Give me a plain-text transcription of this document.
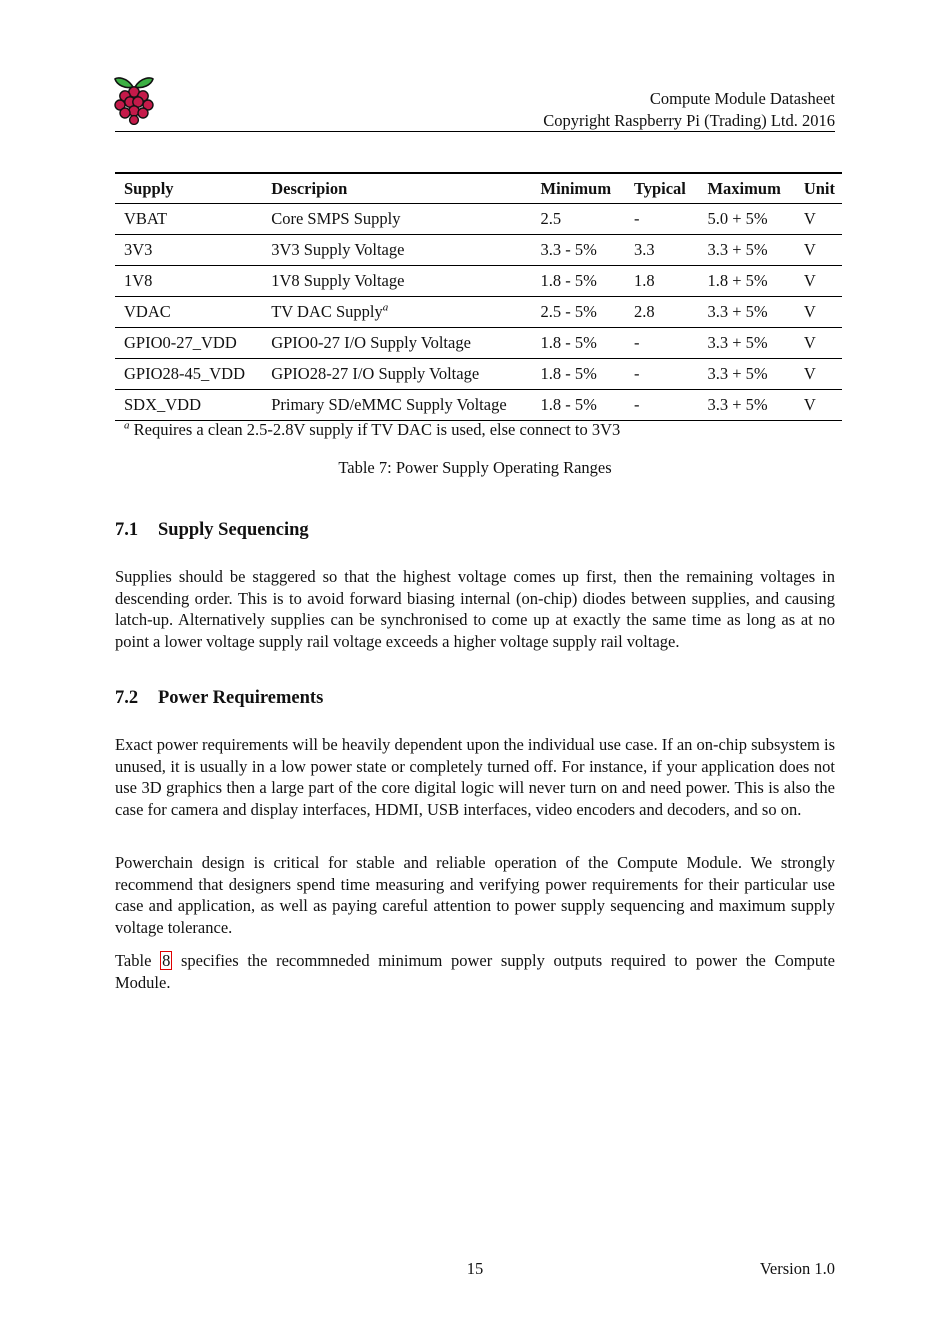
Compute Module Datasheet
Copyright Raspberry Pi (Trading) Ltd. 2016
Supply	Descripion	Minimum	Typical	Maximum	Unit
VBAT	Core SMPS Supply	2.5	-	5.0 + 5%	V
3V3	3V3 Supply Voltage	3.3 - 5%	3.3	3.3 + 5%	V
1V8	1V8 Supply Voltage	1.8 - 5%	1.8	1.8 + 5%	V
VDAC	TV DAC Supply$^a$	2.5 - 5%	2.8	3.3 + 5%	V
GPIO0-27_VDD	GPIO0-27 I/O Supply Voltage	1.8 - 5%	-	3.3 + 5%	V
GPIO28-45_VDD	GPIO28-27 I/O Supply Voltage	1.8 - 5%	-	3.3 + 5%	V
SDX_VDD	Primary SD/eMMC Supply Voltage	1.8 - 5%	-	3.3 + 5%	V
$^a$ Requires a clean 2.5-2.8V supply if TV DAC is used, else connect to 3V3
Table 7: Power Supply Operating Ranges
7.1 Supply Sequencing

Supplies should be staggered so that the highest voltage comes up first, then the remaining voltages in descending order. This is to avoid forward biasing internal (on-chip) diodes between supplies, and causing latch-up. Alternatively supplies can be synchronised to come up at exactly the same time as long as at no point a lower voltage supply rail voltage exceeds a higher voltage supply rail voltage.

7.2 Power Requirements

Exact power requirements will be heavily dependent upon the individual use case. If an on-chip subsystem is unused, it is usually in a low power state or completely turned off. For instance, if your application does not use 3D graphics then a large part of the core digital logic will never turn on and need power. This is also the case for camera and display interfaces, HDMI, USB interfaces, video encoders and decoders, and so on.

Powerchain design is critical for stable and reliable operation of the Compute Module. We strongly recommend that designers spend time measuring and verifying power requirements for their particular use case and application, as well as paying careful attention to power supply sequencing and maximum supply voltage tolerance.

Table 8 specifies the recommneded minimum power supply outputs required to power the Compute Module.

15	Version 1.0
